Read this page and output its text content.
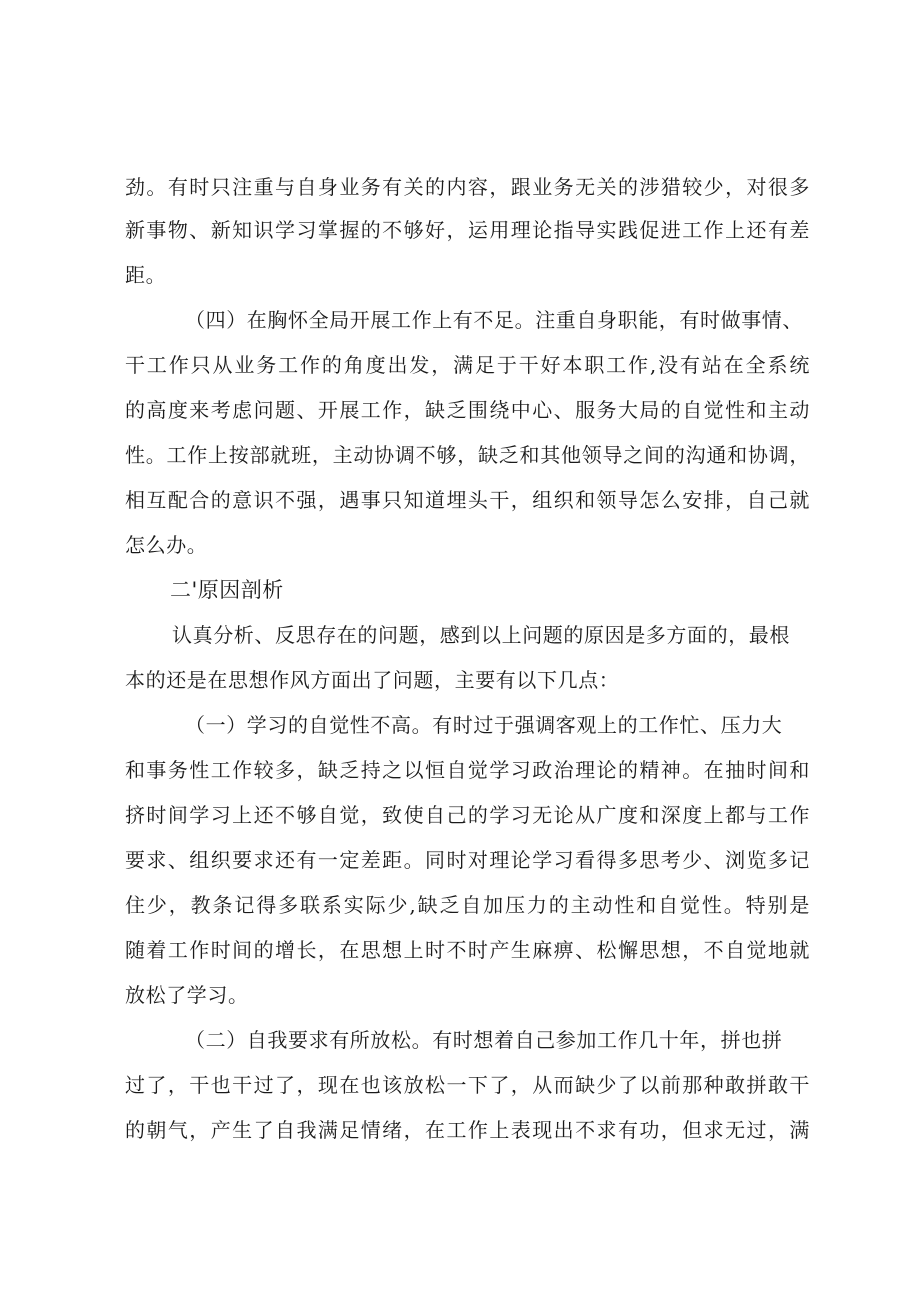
劲。有时只注重与自身业务有关的内容，跟业务无关的涉猎较少，对很多
新事物、新知识学习掌握的不够好，运用理论指导实践促进工作上还有差
距。
（四）在胸怀全局开展工作上有不足。注重自身职能，有时做事情、
干工作只从业务工作的角度出发，满足于干好本职工作,没有站在全系统
的高度来考虑问题、开展工作，缺乏围绕中心、服务大局的自觉性和主动
性。工作上按部就班，主动协调不够，缺乏和其他领导之间的沟通和协调，
相互配合的意识不强，遇事只知道埋头干，组织和领导怎么安排，自己就
怎么办。
二'原因剖析
认真分析、反思存在的问题，感到以上问题的原因是多方面的，最根
本的还是在思想作风方面出了问题，主要有以下几点：
（一）学习的自觉性不高。有时过于强调客观上的工作忙、压力大
和事务性工作较多，缺乏持之以恒自觉学习政治理论的精神。在抽时间和
挤时间学习上还不够自觉，致使自己的学习无论从广度和深度上都与工作
要求、组织要求还有一定差距。同时对理论学习看得多思考少、浏览多记
住少，教条记得多联系实际少,缺乏自加压力的主动性和自觉性。特别是
随着工作时间的增长，在思想上时不时产生麻痹、松懈思想，不自觉地就
放松了学习。
（二）自我要求有所放松。有时想着自己参加工作几十年，拼也拼
过了，干也干过了，现在也该放松一下了，从而缺少了以前那种敢拼敢干
的朝气，产生了自我满足情绪，在工作上表现出不求有功，但求无过，满
